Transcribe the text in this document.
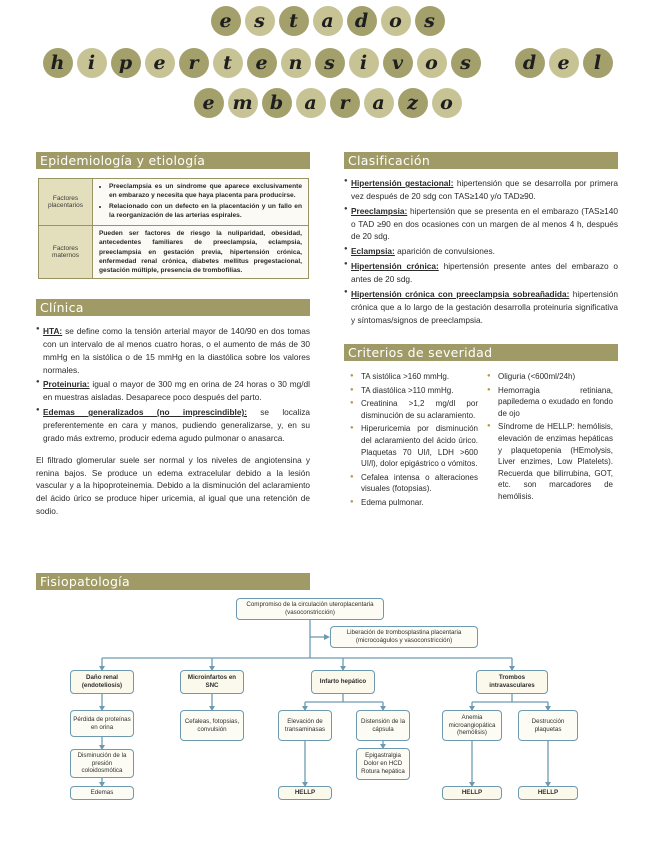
e	s	t	a	d	o	s
h	i	p	e	r	t	e	n	s	i	v	o	s	d	e	l
e m b	a	r	a	z	o
Epidemiología y etiología
Factores placentarios
• Preeclampsia es un síndrome que aparece exclusivamente en embarazo y necesita que haya placenta para producirse.
• Relacionado con un defecto en la placentación y un fallo en la reorganización de las arterias espirales.
Factores maternos
Pueden ser factores de riesgo la nuliparidad, obesidad, antecedentes familiares de preeclampsia, eclampsia, preeclampsia en gestación previa, hipertensión crónica, enfermedad renal crónica, diabetes mellitus pregestacional, gestación múltiple, presencia de trombofilias.
Clínica
● HTA: se define como la tensión arterial mayor de 140/90 en dos tomas con un intervalo de al menos cuatro horas, o el aumento de más de 30 mmHg en la sistólica o de 15 mmHg en la diastólica sobre los valores normales.
● Proteinuria: igual o mayor de 300 mg en orina de 24 horas o 30 mg/dl en muestras aisladas. Desaparece poco después del parto.
● Edemas generalizados (no imprescindible): se localiza preferentemente en cara y manos, pudiendo generalizarse, y, en su grado más extremo, producir edema agudo pulmonar o anasarca.
El filtrado glomerular suele ser normal y los niveles de angiotensina y renina bajos. Se produce un edema extracelular debido a la lesión vascular y a la hipoproteinemia. Debido a la disminución del aclaramiento del ácido úrico se produce hiper uricemia, al igual que una retención de sodio.
Fisiopatología
Clasificación
● Hipertensión gestacional: hipertensión que se desarrolla por primera vez después de 20 sdg con TAS≥140 y/o TAD≥90.
● Preeclampsia: hipertensión que se presenta en el embarazo (TAS≥140 o TAD ≥90 en dos ocasiones con un margen de al menos 4 h, después de 20 sdg.
● Eclampsia: aparición de convulsiones.
● Hipertensión crónica: hipertensión presente antes del embarazo o antes de 20 sdg.
● Hipertensión crónica con preeclampsia sobreañadida: hipertensión crónica que a lo largo de la gestación desarrolla proteinuria significativa y síntomas/signos de preeclampsia.
Criterios de severidad
● TA sistólica >160 mmHg.
● TA diastólica >110 mmHg.
● Creatinina >1,2 mg/dl por disminución de su aclaramiento.
● Hiperuricemia por disminución del aclaramiento del ácido úrico. Plaquetas 70 UI/l, LDH >600 UI/l), dolor epigástrico o vómitos.
● Cefalea intensa o alteraciones visuales (fotopsias).
● Edema pulmonar.
● Oliguria (<600ml/24h)
● Hemorragia retiniana, papiledema o exudado en fondo de ojo
● Síndrome de HELLP: hemólisis, elevación de enzimas hepáticas y plaquetopenia (HEmolysis, Liver enzimes, Low Platelets). Recuerda que bilirrubina, GOT, etc. son marcadores de hemólisis.
Compromiso de la circulación uteroplacentaria (vasoconstricción)
Liberación de trombosplastina placentaria (microcoágulos y vasoconstricción)
Daño renal (endoteliosis)
Microinfartos en SNC
Infarto hepático
Trombos intravasculares
Pérdida de proteínas en orina
Disminución de la presión coloidosmótica
Edemas
Cefaleas, fotopsias, convulsión
Elevación de transaminasas
Distensión de la cápsula
Epigastralgia Dolor en HCD Rotura hepática
HELLP
Anemia microangiopática (hemólisis)
Destrucción plaquetas
HELLP	HELLP
